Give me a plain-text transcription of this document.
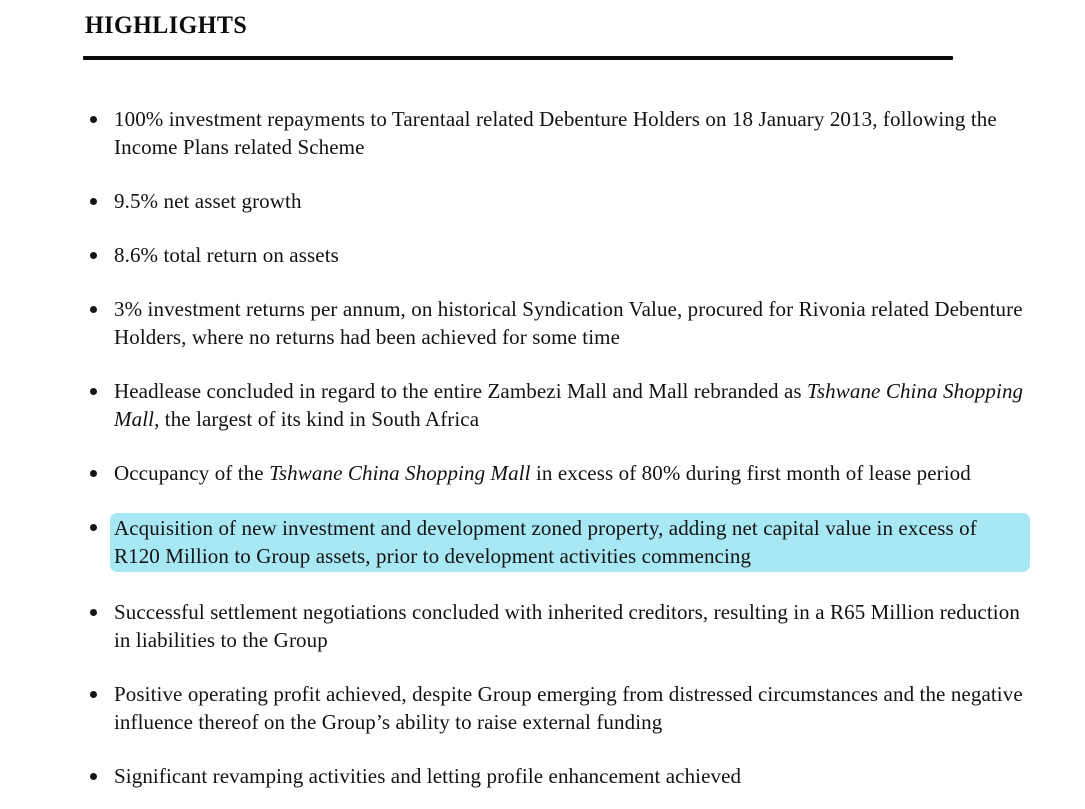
HIGHLIGHTS
100% investment repayments to Tarentaal related Debenture Holders on 18 January 2013, following the Income Plans related Scheme
9.5% net asset growth
8.6% total return on assets
3% investment returns per annum, on historical Syndication Value, procured for Rivonia related Debenture Holders, where no returns had been achieved for some time
Headlease concluded in regard to the entire Zambezi Mall and Mall rebranded as Tshwane China Shopping Mall, the largest of its kind in South Africa
Occupancy of the Tshwane China Shopping Mall in excess of 80% during first month of lease period
Acquisition of new investment and development zoned property, adding net capital value in excess of R120 Million to Group assets, prior to development activities commencing
Successful settlement negotiations concluded with inherited creditors, resulting in a R65 Million reduction in liabilities to the Group
Positive operating profit achieved, despite Group emerging from distressed circumstances and the negative influence thereof on the Group’s ability to raise external funding
Significant revamping activities and letting profile enhancement achieved
